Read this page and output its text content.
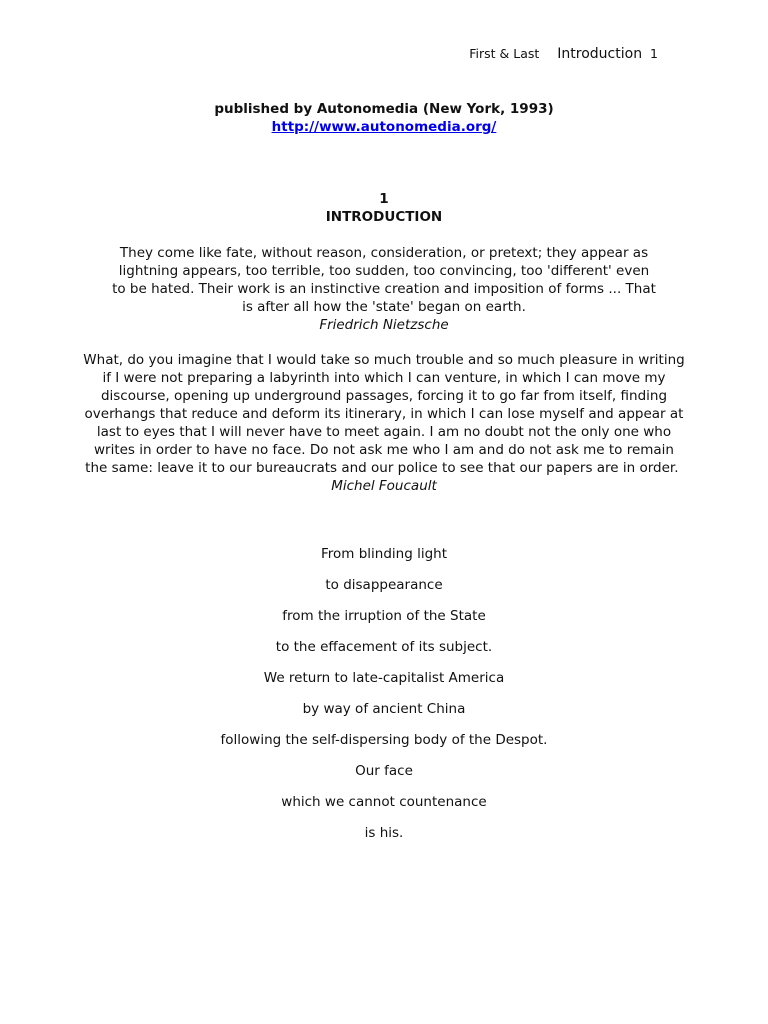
First & Last Introduction 1
published by Autonomedia (New York, 1993)
http://www.autonomedia.org/
1
INTRODUCTION
They come like fate, without reason, consideration, or pretext; they appear as lightning appears, too terrible, too sudden, too convincing, too 'different' even to be hated. Their work is an instinctive creation and imposition of forms ... That is after all how the 'state' began on earth.
Friedrich Nietzsche
What, do you imagine that I would take so much trouble and so much pleasure in writing if I were not preparing a labyrinth into which I can venture, in which I can move my discourse, opening up underground passages, forcing it to go far from itself, finding overhangs that reduce and deform its itinerary, in which I can lose myself and appear at last to eyes that I will never have to meet again. I am no doubt not the only one who writes in order to have no face. Do not ask me who I am and do not ask me to remain the same: leave it to our bureaucrats and our police to see that our papers are in order.  Michel Foucault
From blinding light
to disappearance
from the irruption of the State
to the effacement of its subject.
We return to late-capitalist America
by way of ancient China
following the self-dispersing body of the Despot.
Our face
which we cannot countenance
is his.
